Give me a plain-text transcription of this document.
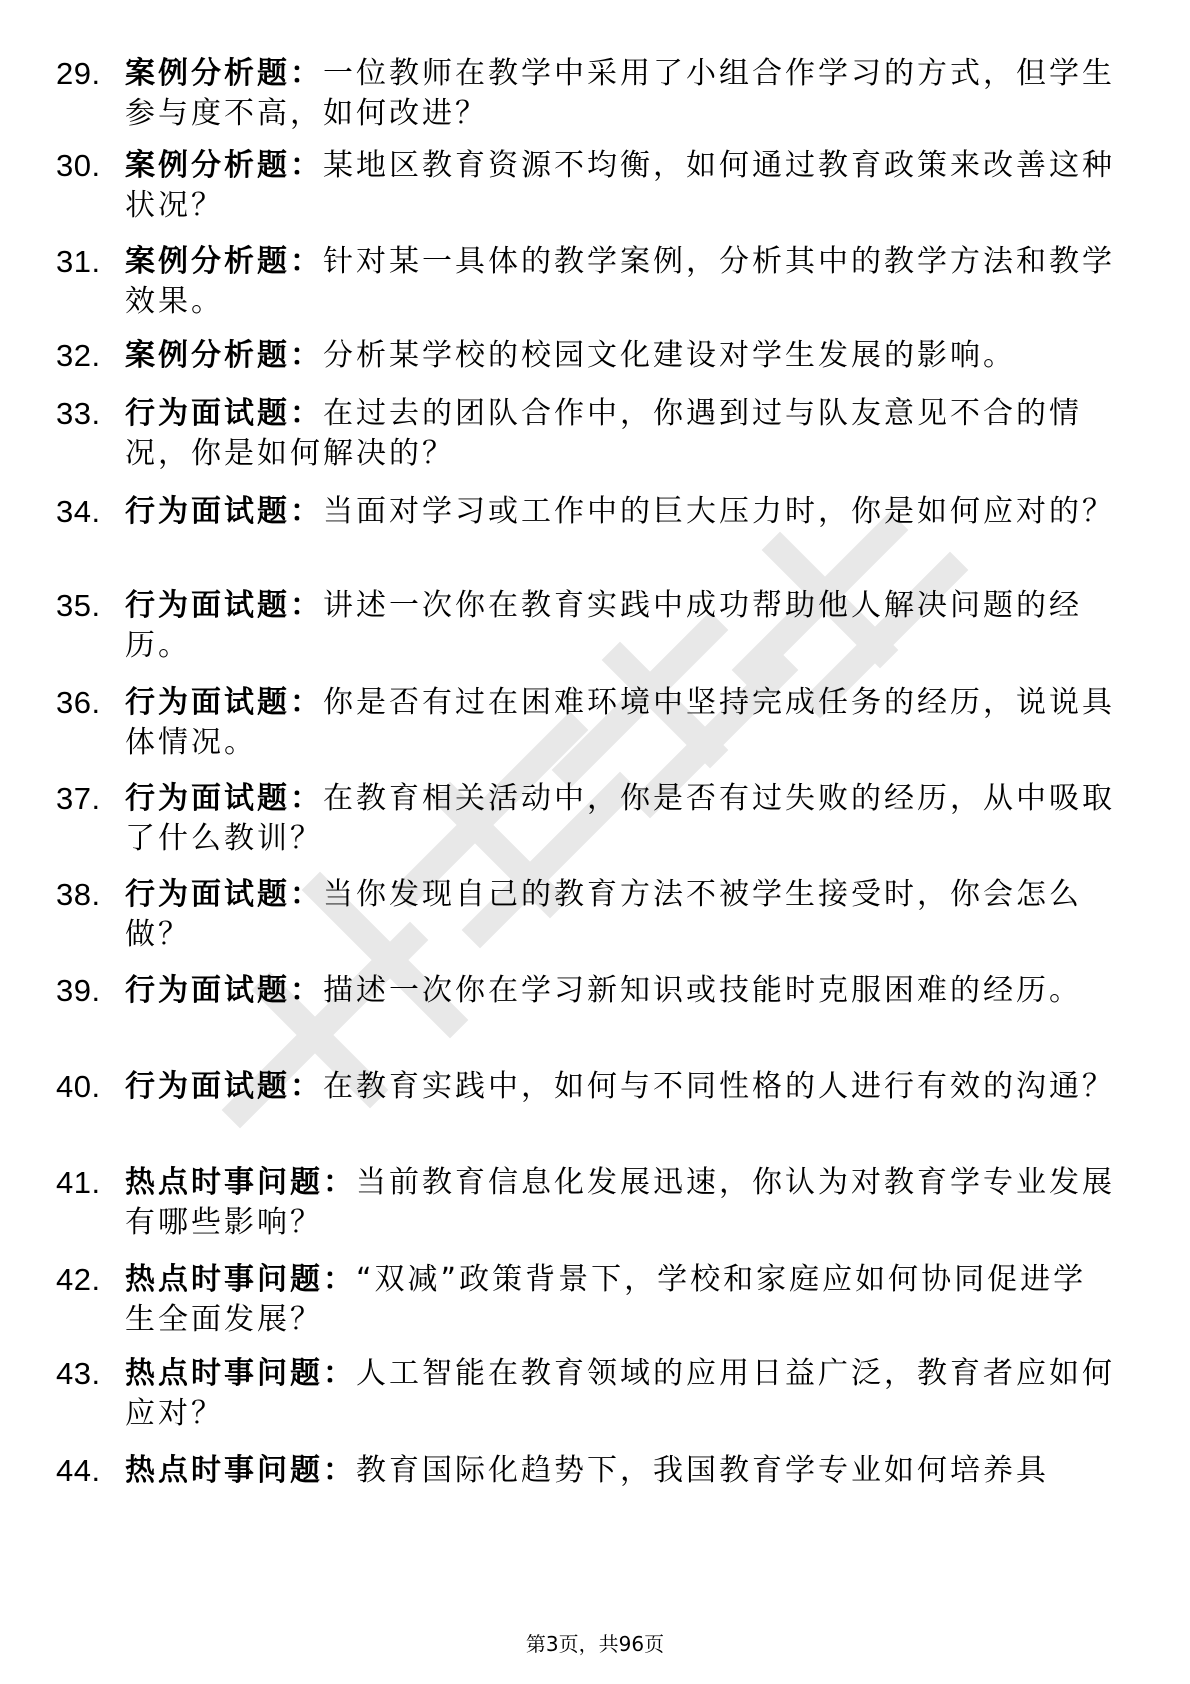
29. 案例分析题：一位教师在教学中采用了小组合作学习的方式，但学生参与度不高，如何改进？
30. 案例分析题：某地区教育资源不均衡，如何通过教育政策来改善这种状况？
31. 案例分析题：针对某一具体的教学案例，分析其中的教学方法和教学效果。
32. 案例分析题：分析某学校的校园文化建设对学生发展的影响。
33. 行为面试题：在过去的团队合作中，你遇到过与队友意见不合的情况，你是如何解决的？
34. 行为面试题：当面对学习或工作中的巨大压力时，你是如何应对的？
35. 行为面试题：讲述一次你在教育实践中成功帮助他人解决问题的经历。
36. 行为面试题：你是否有过在困难环境中坚持完成任务的经历，说说具体情况。
37. 行为面试题：在教育相关活动中，你是否有过失败的经历，从中吸取了什么教训？
38. 行为面试题：当你发现自己的教育方法不被学生接受时，你会怎么做？
39. 行为面试题：描述一次你在学习新知识或技能时克服困难的经历。
40. 行为面试题：在教育实践中，如何与不同性格的人进行有效的沟通？
41. 热点时事问题：当前教育信息化发展迅速，你认为对教育学专业发展有哪些影响？
42. 热点时事问题：“双减”政策背景下，学校和家庭应如何协同促进学生全面发展？
43. 热点时事问题：人工智能在教育领域的应用日益广泛，教育者应如何应对？
44. 热点时事问题：教育国际化趋势下，我国教育学专业如何培养具
第3页，共96页
